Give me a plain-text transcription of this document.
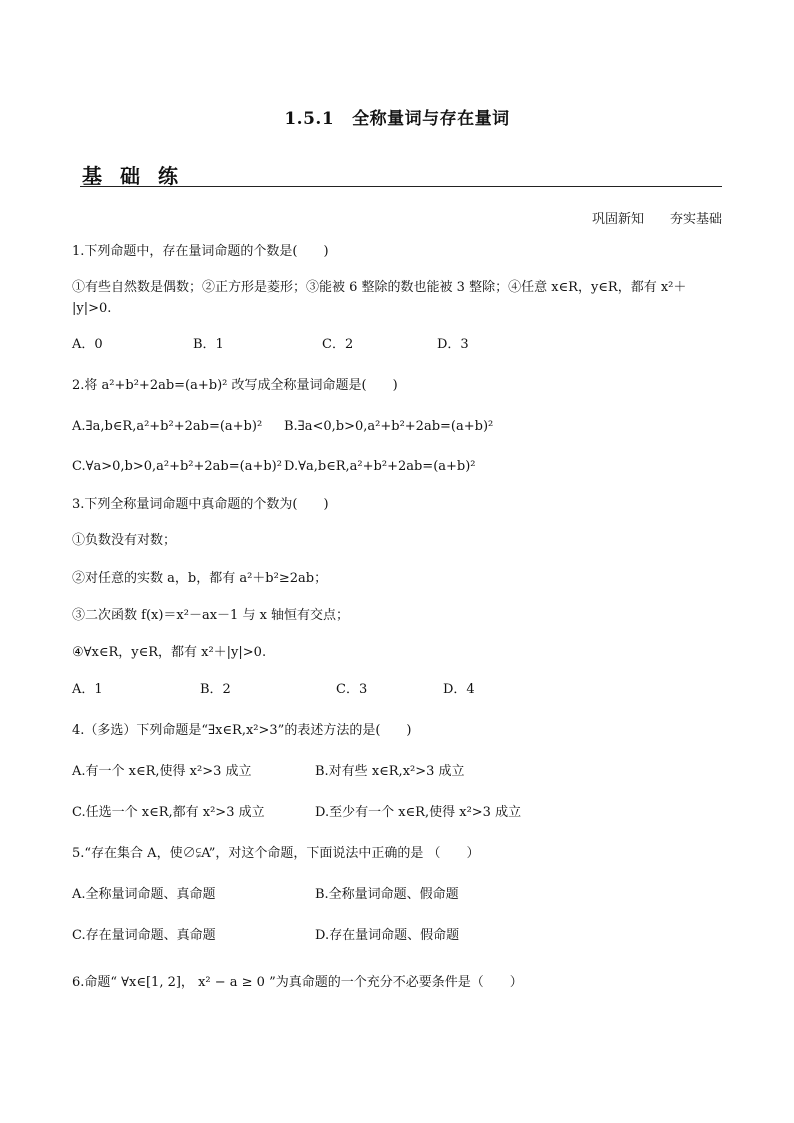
1.5.1 全称量词与存在量词
基础练
巩固新知 夯实基础
1.下列命题中，存在量词命题的个数是(　　)
①有些自然数是偶数；②正方形是菱形；③能被 6 整除的数也能被 3 整除；④任意 x∈R，y∈R，都有 x²＋
|y|>0.
A．0	B．1	C．2	D．3
2.将 a²+b²+2ab=(a+b)² 改写成全称量词命题是(　　)
A.∃a,b∈R,a²+b²+2ab=(a+b)² B.∃a<0,b>0,a²+b²+2ab=(a+b)²
C.∀a>0,b>0,a²+b²+2ab=(a+b)² D.∀a,b∈R,a²+b²+2ab=(a+b)²
3.下列全称量词命题中真命题的个数为(　　)
①负数没有对数；
②对任意的实数 a，b，都有 a²＋b²≥2ab；
③二次函数 f(x)＝x²－ax－1 与 x 轴恒有交点；
④∀x∈R，y∈R，都有 x²＋|y|>0.
A．1	B．2	C．3	D．4
4.（多选）下列命题是“∃x∈R,x²>3”的表述方法的是(　　)
A.有一个 x∈R,使得 x²>3 成立	B.对有些 x∈R,x²>3 成立
C.任选一个 x∈R,都有 x²>3 成立	D.至少有一个 x∈R,使得 x²>3 成立
5.“存在集合 A，使∅⫋A”，对这个命题，下面说法中正确的是 （　　）
A.全称量词命题、真命题	B.全称量词命题、假命题
C.存在量词命题、真命题	D.存在量词命题、假命题
6.命题“ ∀x∈[1, 2]， x² − a ≥ 0 ”为真命题的一个充分不必要条件是（　　）
